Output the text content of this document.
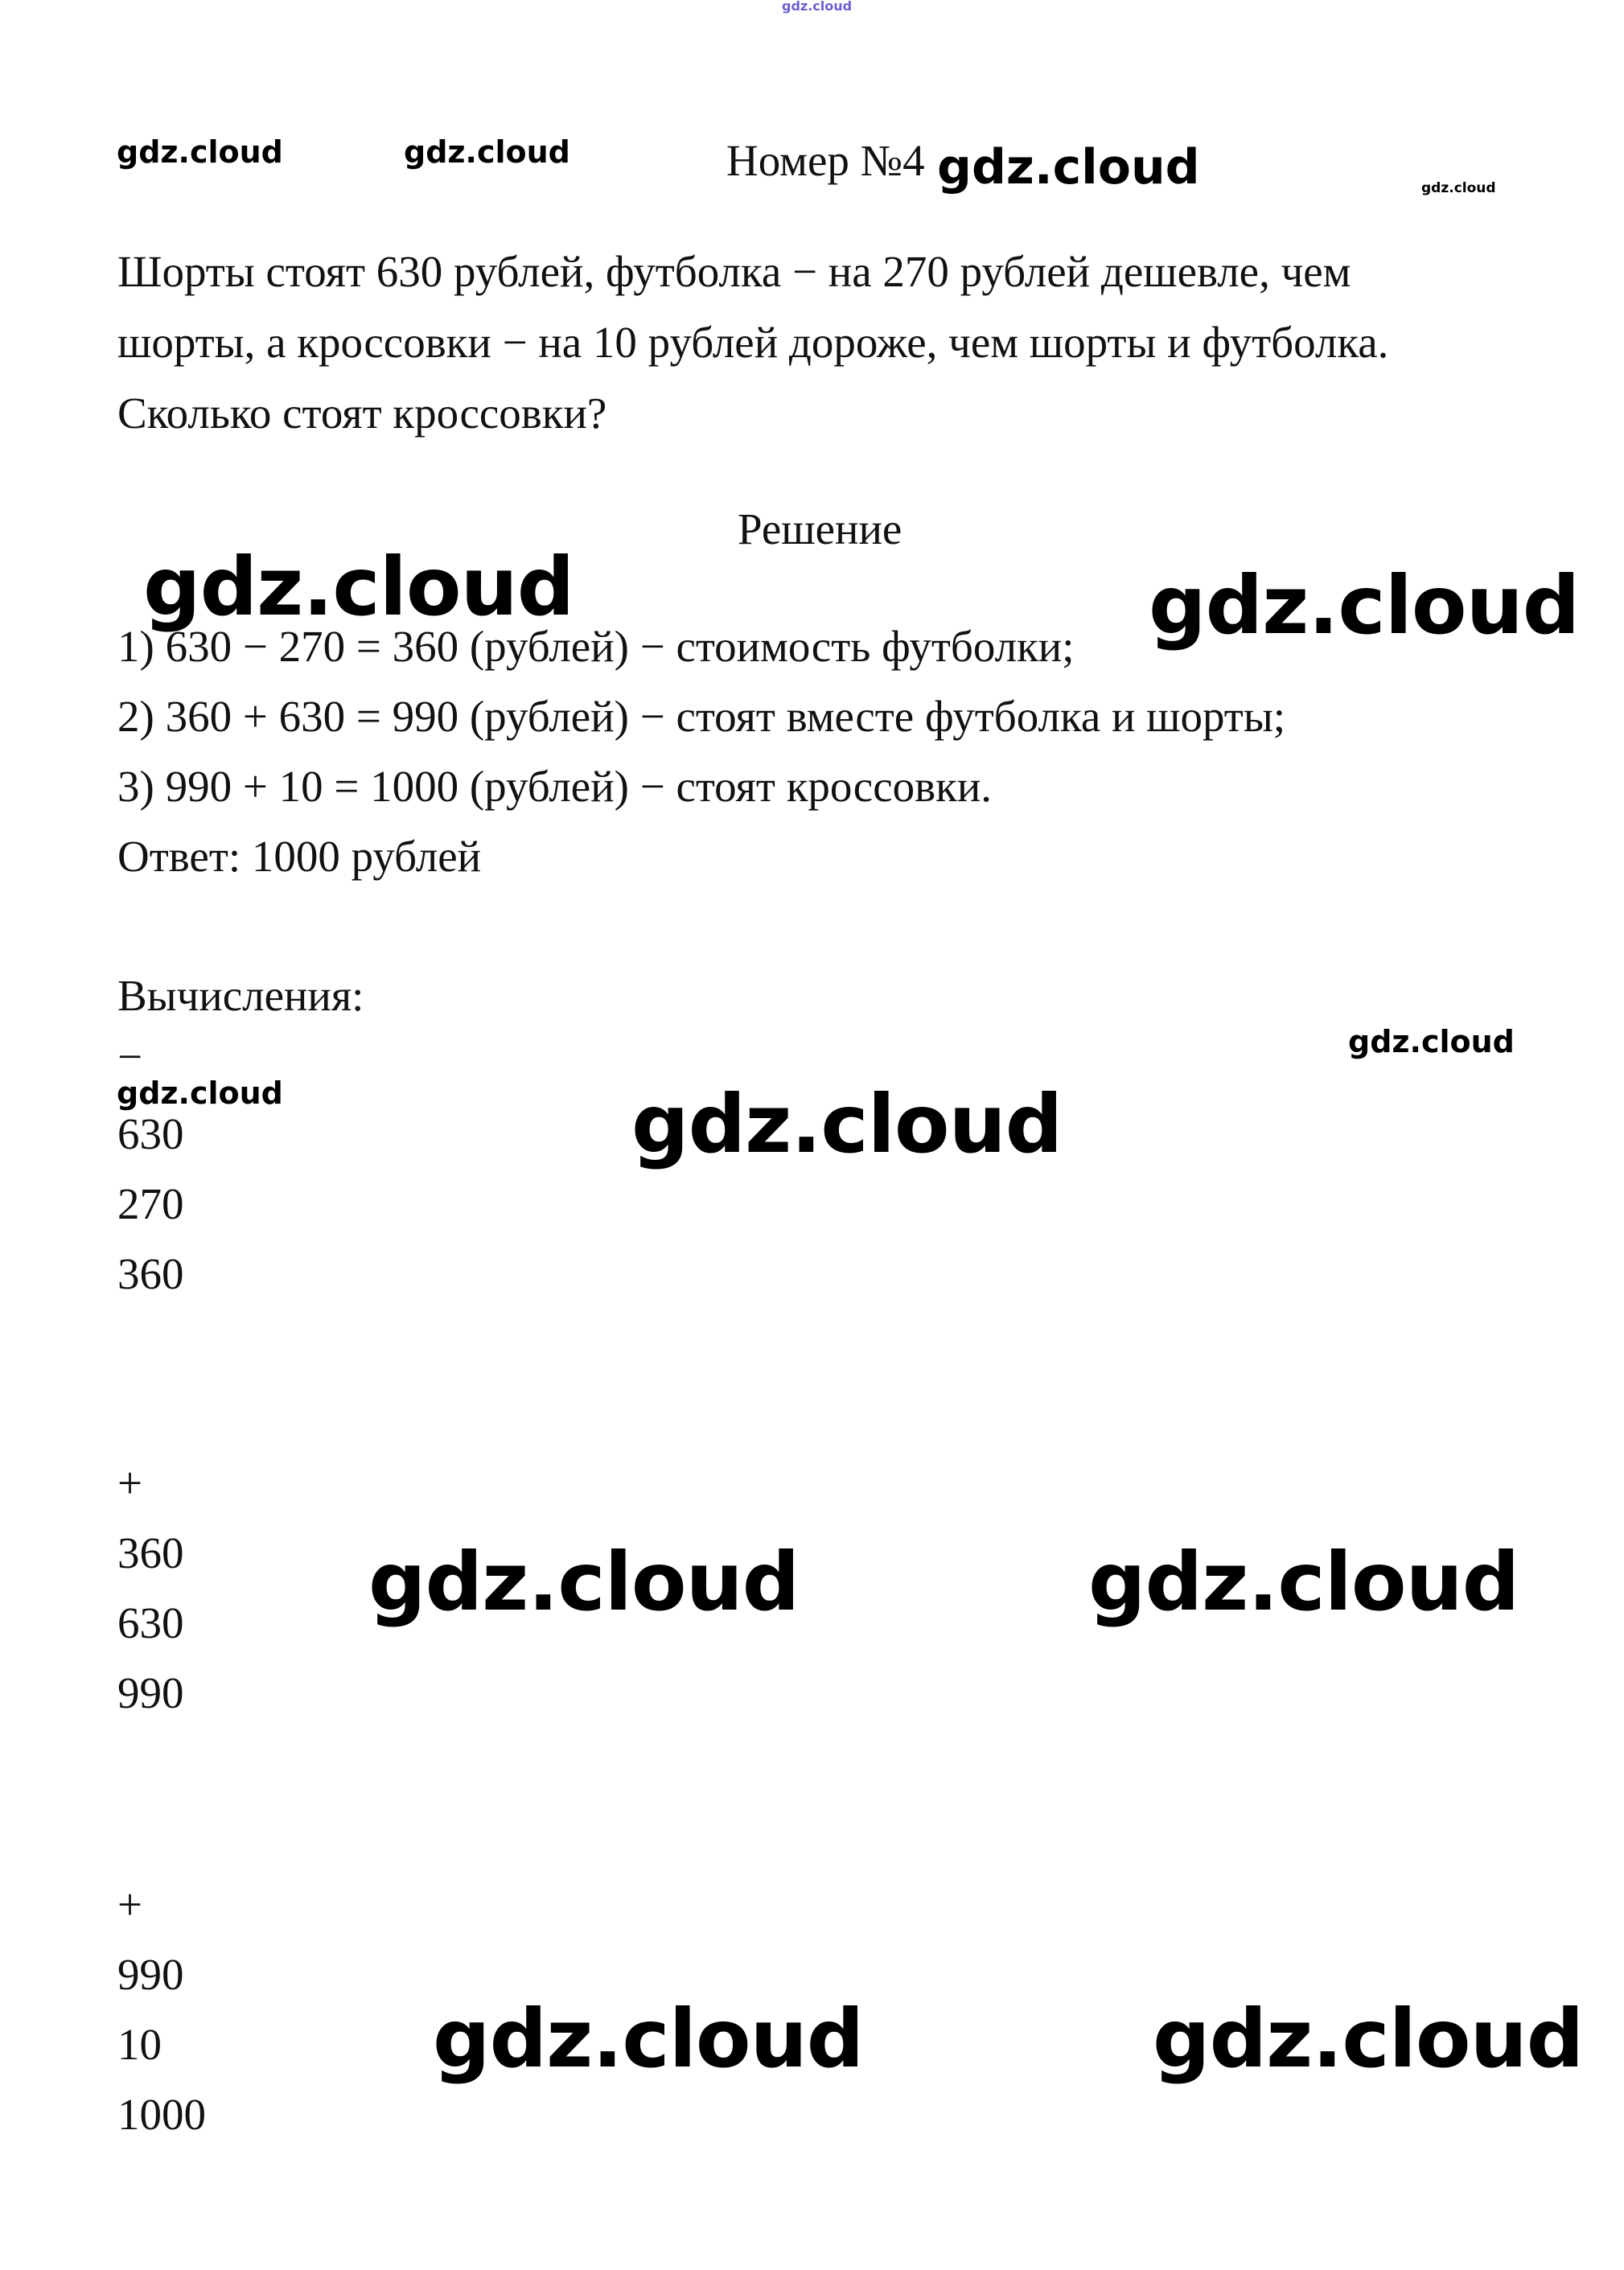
gdz.cloud
gdz.cloud	gdz.cloud	gdz.cloud	gdz.cloud
Номер №4
Шорты стоят 630 рублей, футболка − на 270 рублей дешевле, чем
шорты, а кроссовки − на 10 рублей дороже, чем шорты и футболка.
Сколько стоят кроссовки?
Решение
gdz.cloud	gdz.cloud
1) 630 − 270 = 360 (рублей) − стоимость футболки;
2) 360 + 630 = 990 (рублей) − стоят вместе футболка и шорты;
3) 990 + 10 = 1000 (рублей) − стоят кроссовки.
Ответ: 1000 рублей
Вычисления:
gdz.cloud
−
gdz.cloud
630	gdz.cloud
270
360
+
360 gdz.cloud	gdz.cloud
630
990
+
990
gdz.cloud	gdz.cloud
10
1000
